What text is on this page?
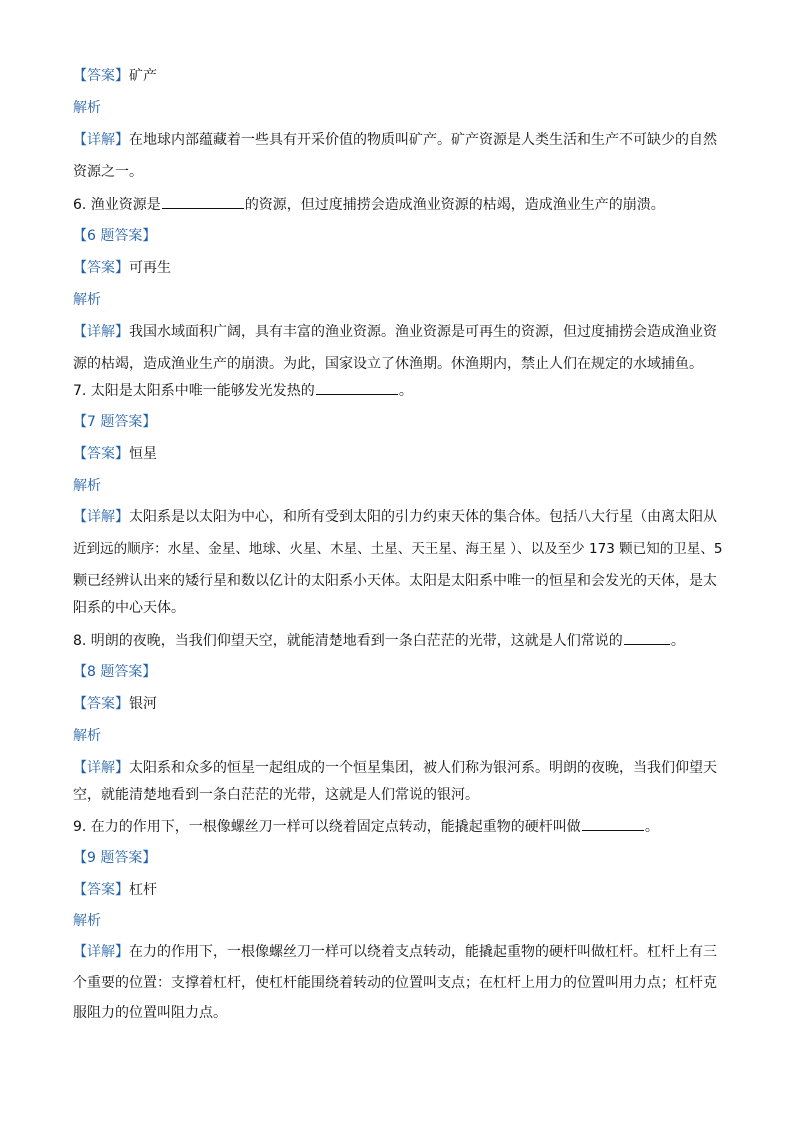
【答案】矿产
解析
【详解】在地球内部蕴藏着一些具有开采价值的物质叫矿产。矿产资源是人类生活和生产不可缺少的自然
资源之一。
6. 渔业资源是	的资源，但过度捕捞会造成渔业资源的枯竭，造成渔业生产的崩溃。
【6 题答案】
【答案】可再生
解析
【详解】我国水域面积广阔，具有丰富的渔业资源。渔业资源是可再生的资源，但过度捕捞会造成渔业资
源的枯竭，造成渔业生产的崩溃。为此，国家设立了休渔期。休渔期内，禁止人们在规定的水域捕鱼。
7. 太阳是太阳系中唯一能够发光发热的	。
【7 题答案】
【答案】恒星
解析
【详解】太阳系是以太阳为中心，和所有受到太阳的引力约束天体的集合体。包括八大行星（由离太阳从
近到远的顺序：水星、金星、地球、火星、木星、土星、天王星、海王星 ）、以及至少 173 颗已知的卫星、5
颗已经辨认出来的矮行星和数以亿计的太阳系小天体。太阳是太阳系中唯一的恒星和会发光的天体，是太
阳系的中心天体。
8. 明朗的夜晚，当我们仰望天空，就能清楚地看到一条白茫茫的光带，这就是人们常说的	。
【8 题答案】
【答案】银河
解析
【详解】太阳系和众多的恒星一起组成的一个恒星集团，被人们称为银河系。明朗的夜晚，当我们仰望天
空，就能清楚地看到一条白茫茫的光带，这就是人们常说的银河。
9. 在力的作用下，一根像螺丝刀一样可以绕着固定点转动，能撬起重物的硬杆叫做	。
【9 题答案】
【答案】杠杆
解析
【详解】在力的作用下，一根像螺丝刀一样可以绕着支点转动，能撬起重物的硬杆叫做杠杆。杠杆上有三
个重要的位置：支撑着杠杆，使杠杆能围绕着转动的位置叫支点；在杠杆上用力的位置叫用力点；杠杆克
服阻力的位置叫阻力点。
